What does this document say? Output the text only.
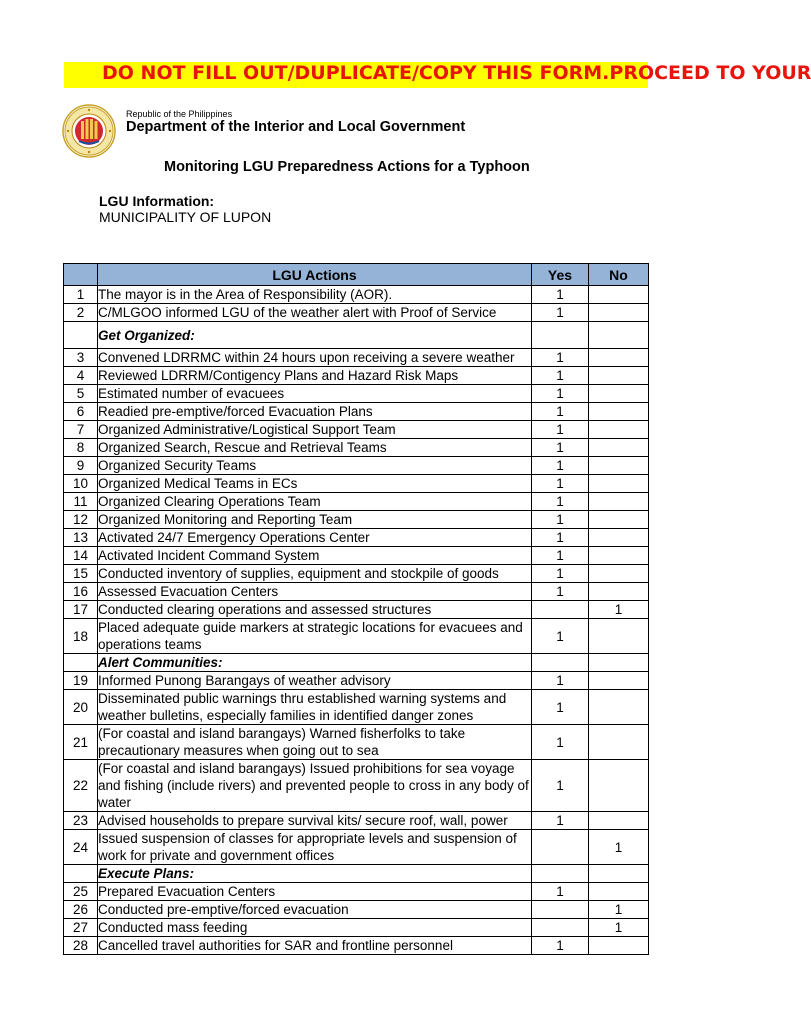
DO NOT FILL OUT/DUPLICATE/COPY THIS FORM.PROCEED TO YOUR
Republic of the Philippines
Department of the Interior and Local Government
Monitoring LGU Preparedness Actions for a Typhoon
LGU Information:
MUNICIPALITY OF LUPON
	LGU Actions	Yes	No
1	The mayor is in the Area of Responsibility (AOR).	1	
2	C/MLGOO informed LGU of the weather alert with Proof of Service	1	
	Get Organized:		
3	Convened LDRRMC within 24 hours upon receiving a severe weather	1	
4	Reviewed LDRRM/Contigency Plans and Hazard Risk Maps	1	
5	Estimated number of evacuees	1	
6	Readied pre-emptive/forced Evacuation Plans	1	
7	Organized Administrative/Logistical Support Team	1	
8	Organized Search, Rescue and Retrieval Teams	1	
9	Organized Security Teams	1	
10	Organized Medical Teams in ECs	1	
11	Organized Clearing Operations Team	1	
12	Organized Monitoring and Reporting Team	1	
13	Activated 24/7 Emergency Operations Center	1	
14	Activated Incident Command System	1	
15	Conducted inventory of supplies, equipment and stockpile of goods	1	
16	Assessed Evacuation Centers	1	
17	Conducted clearing operations and assessed structures		1
18	Placed adequate guide markers at strategic locations for evacuees and operations teams	1	
	Alert Communities:		
19	Informed Punong Barangays of weather advisory	1	
20	Disseminated public warnings thru established warning systems and weather bulletins, especially families in identified danger zones	1	
21	(For coastal and island barangays) Warned fisherfolks to take precautionary measures when going out to sea	1	
22	(For coastal and island barangays) Issued prohibitions for sea voyage and fishing (include rivers) and prevented people to cross in any body of water	1	
23	Advised households to prepare survival kits/ secure roof, wall, power	1	
24	Issued suspension of classes for appropriate levels and suspension of work for private and government offices		1
	Execute Plans:		
25	Prepared Evacuation Centers	1	
26	Conducted pre-emptive/forced evacuation		1
27	Conducted mass feeding		1
28	Cancelled travel authorities for SAR and frontline personnel	1	
